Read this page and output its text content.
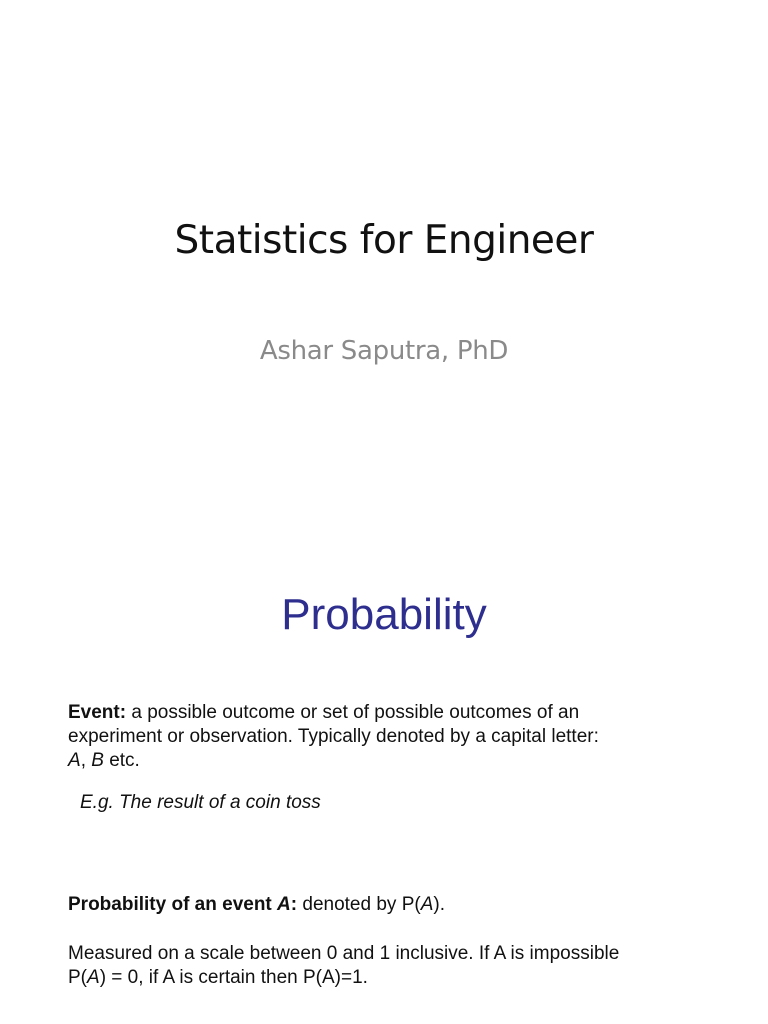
Statistics for Engineer
Ashar Saputra, PhD
Probability
Event: a possible outcome or set of possible outcomes of an experiment or observation. Typically denoted by a capital letter: A, B etc.
E.g. The result of a coin toss
Probability of an event A: denoted by P(A).
Measured on a scale between 0 and 1 inclusive. If A is impossible
P(A) = 0, if A is certain then P(A)=1.
